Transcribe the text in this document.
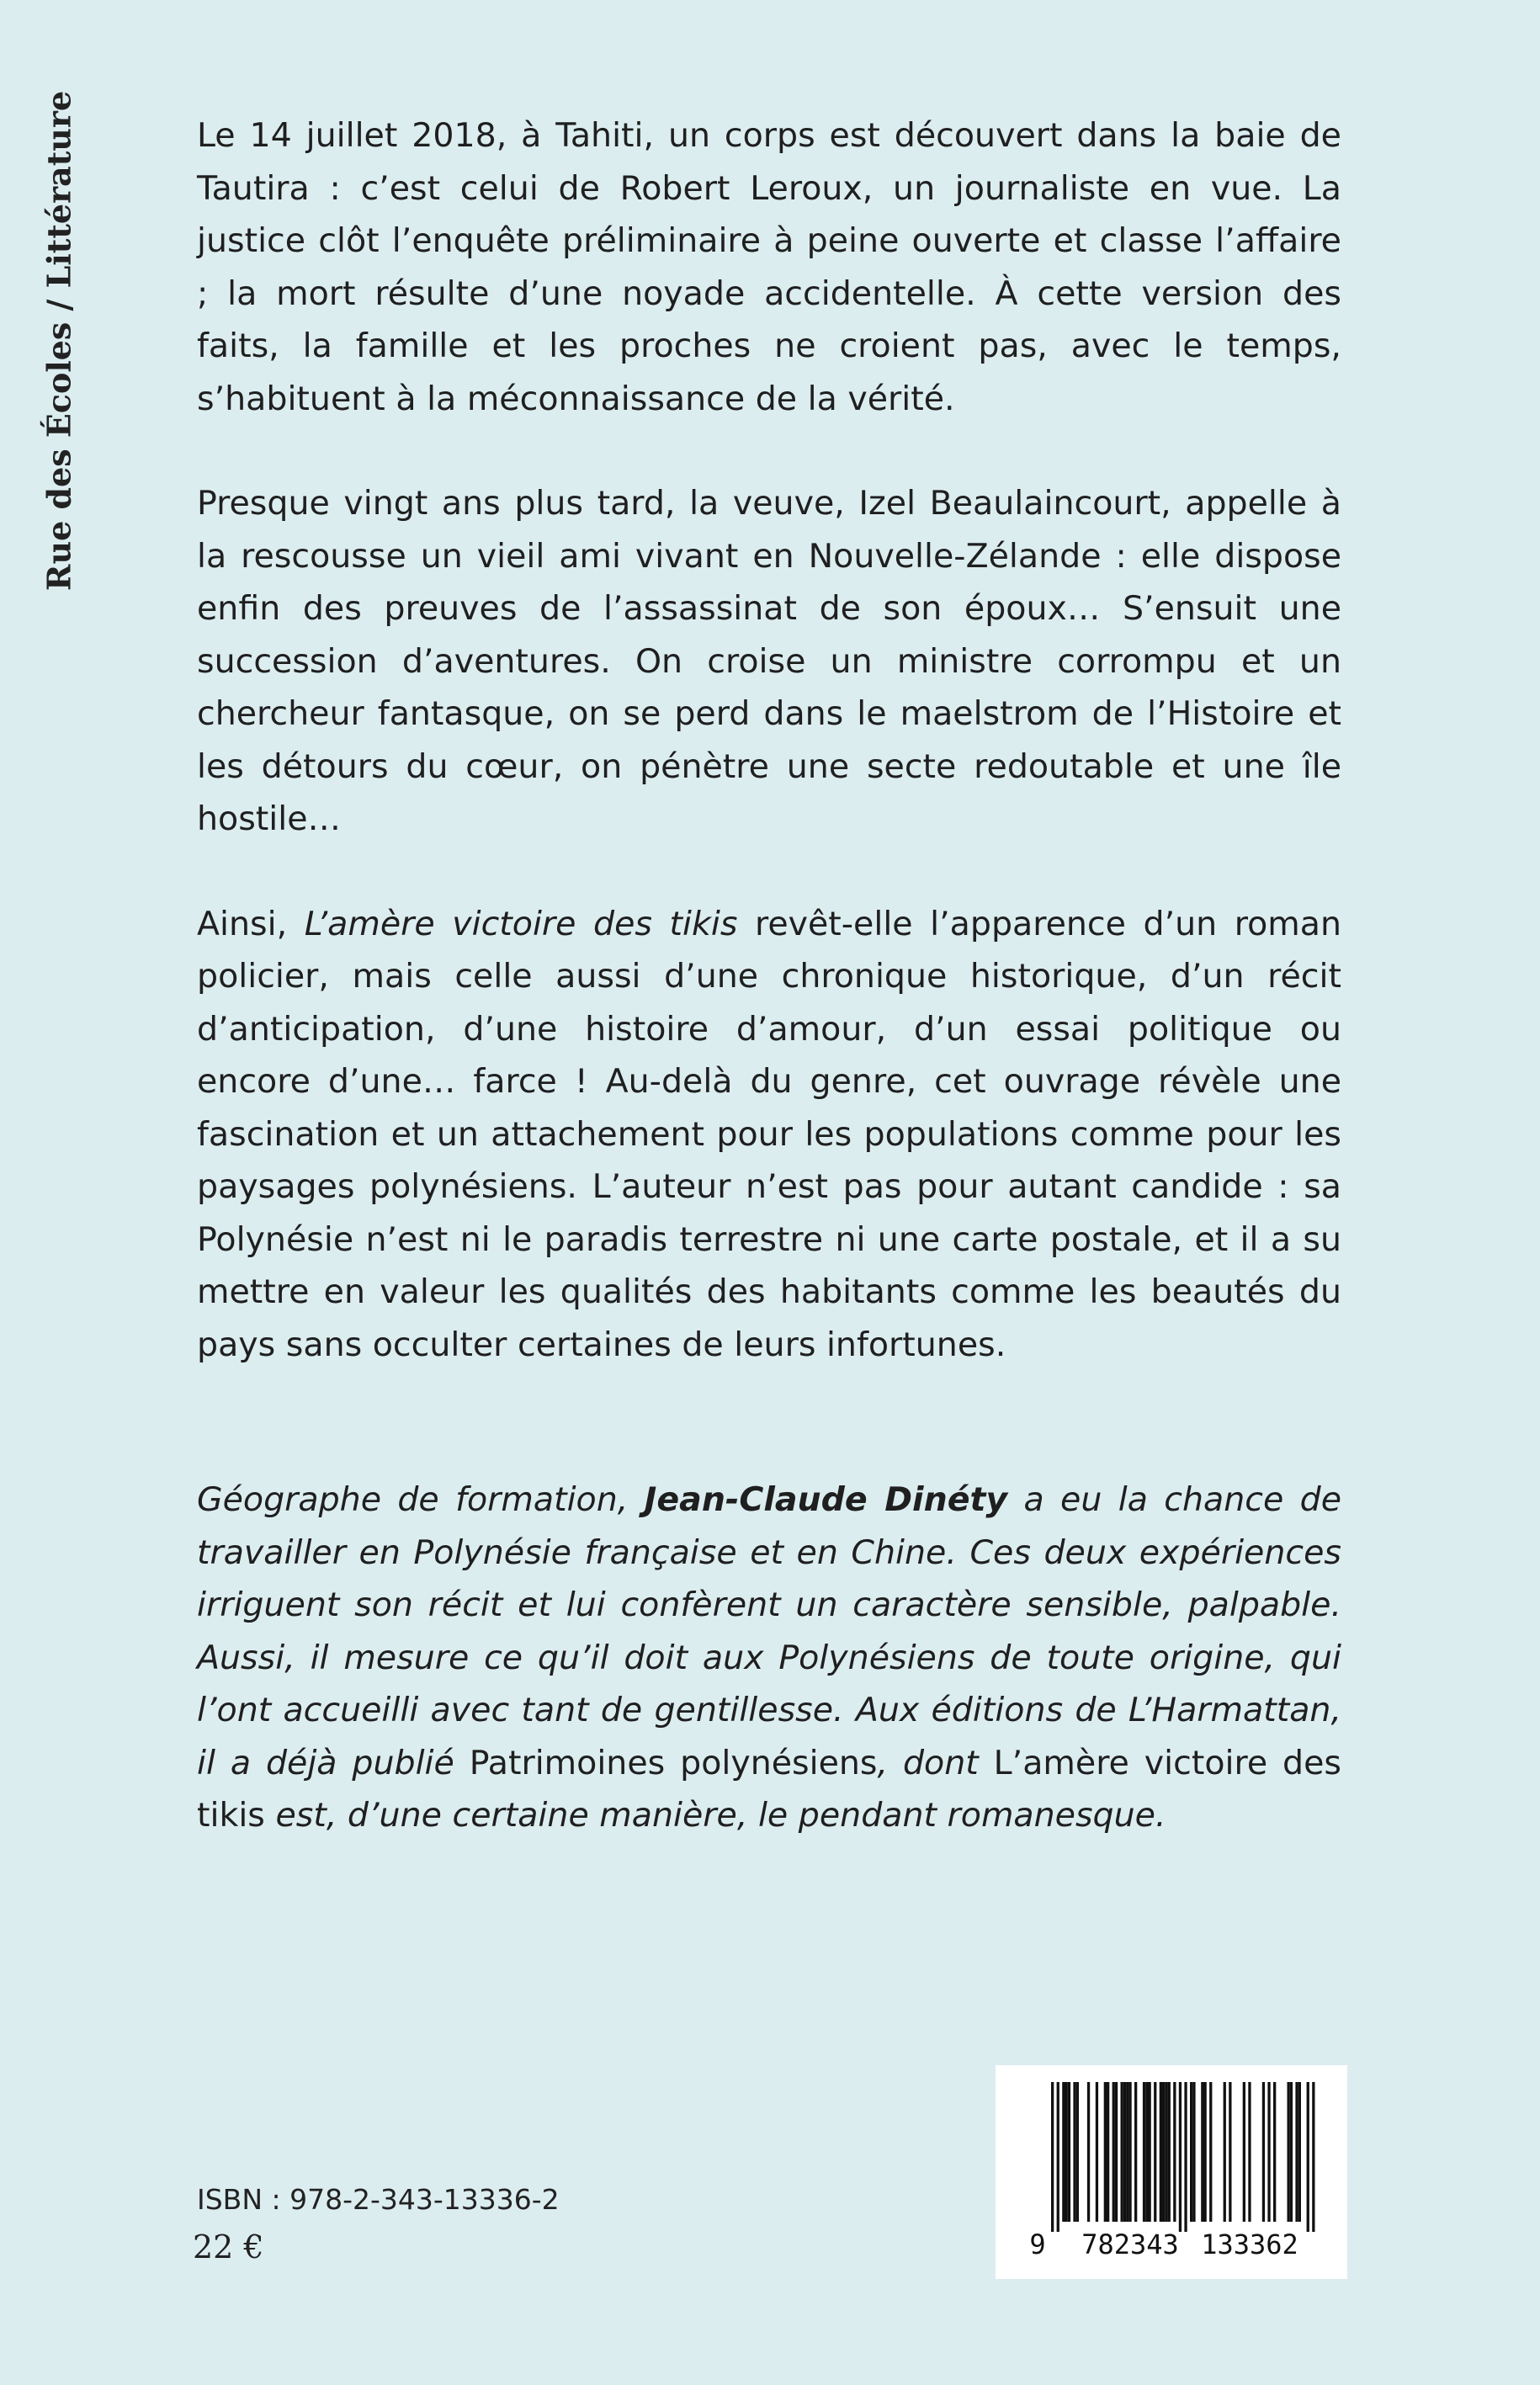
Rue des Écoles / Littérature	Le 14 juillet 2018, à Tahiti, un corps est découvert dans la baie de Tautira : c’est celui de Robert Leroux, un journaliste en vue. La justice clôt l’enquête préliminaire à peine ouverte et classe l’affaire ; la mort résulte d’une noyade accidentelle. À cette version des faits, la famille et les proches ne croient pas, avec le temps, s’habituent à la méconnaissance de la vérité.

Presque vingt ans plus tard, la veuve, Izel Beaulaincourt, appelle à la rescousse un vieil ami vivant en Nouvelle-Zélande : elle dispose enfin des preuves de l’assassinat de son époux… S’ensuit une succession d’aventures. On croise un ministre corrompu et un chercheur fantasque, on se perd dans le maelstrom de l’Histoire et les détours du cœur, on pénètre une secte redoutable et une île hostile…

Ainsi, L’amère victoire des tikis revêt-elle l’apparence d’un roman policier, mais celle aussi d’une chronique historique, d’un récit d’anticipation, d’une histoire d’amour, d’un essai politique ou encore d’une… farce ! Au-delà du genre, cet ouvrage révèle une fascination et un attachement pour les populations comme pour les paysages polynésiens. L’auteur n’est pas pour autant candide : sa Polynésie n’est ni le paradis terrestre ni une carte postale, et il a su mettre en valeur les qualités des habitants comme les beautés du pays sans occulter certaines de leurs infortunes.

Géographe de formation, Jean-Claude Dinéty a eu la chance de travailler en Polynésie française et en Chine. Ces deux expériences irriguent son récit et lui confèrent un caractère sensible, palpable. Aussi, il mesure ce qu’il doit aux Polynésiens de toute origine, qui l’ont accueilli avec tant de gentillesse. Aux éditions de L’Harmattan, il a déjà publié Patrimoines polynésiens, dont L’amère victoire des tikis est, d’une certaine manière, le pendant romanesque.

ISBN : 978-2-343-13336-2
22 €	9 782343 133362
